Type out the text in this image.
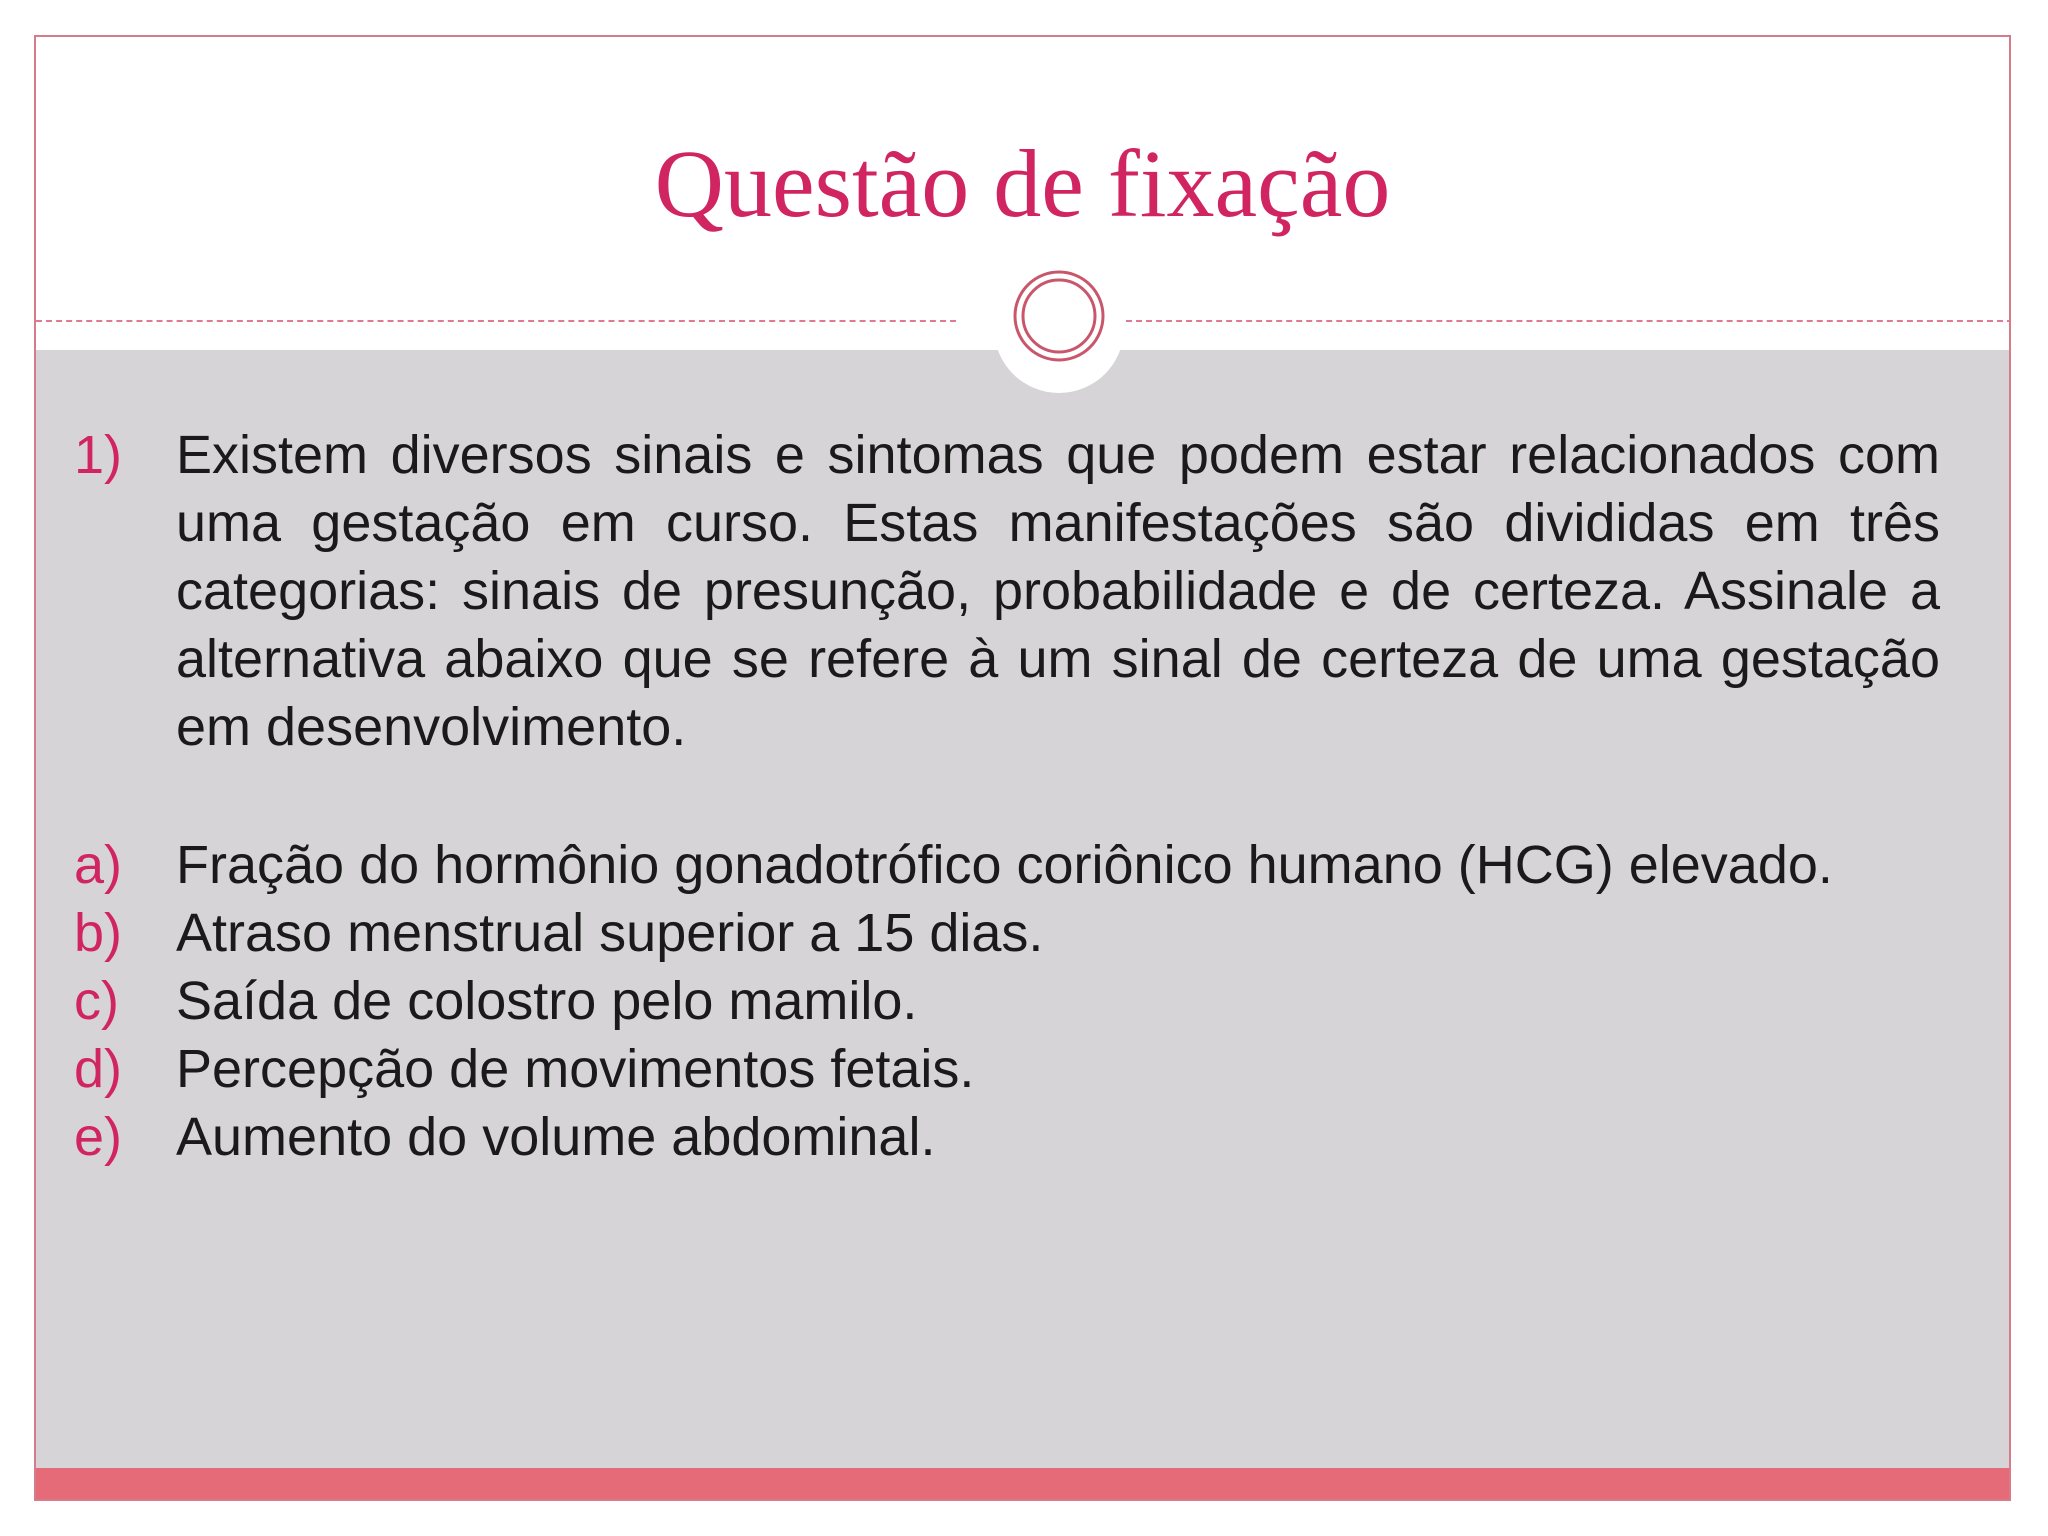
Questão de fixação
1) Existem diversos sinais e sintomas que podem estar relacionados com uma gestação em curso. Estas manifestações são divididas em três categorias: sinais de presunção, probabilidade e de certeza. Assinale a alternativa abaixo que se refere à um sinal de certeza de uma gestação em desenvolvimento.
a) Fração do hormônio gonadotrófico coriônico humano (HCG) elevado.
b) Atraso menstrual superior a 15 dias.
c)	Saída de colostro pelo mamilo.
d) Percepção de movimentos fetais.
e) Aumento do volume abdominal.
